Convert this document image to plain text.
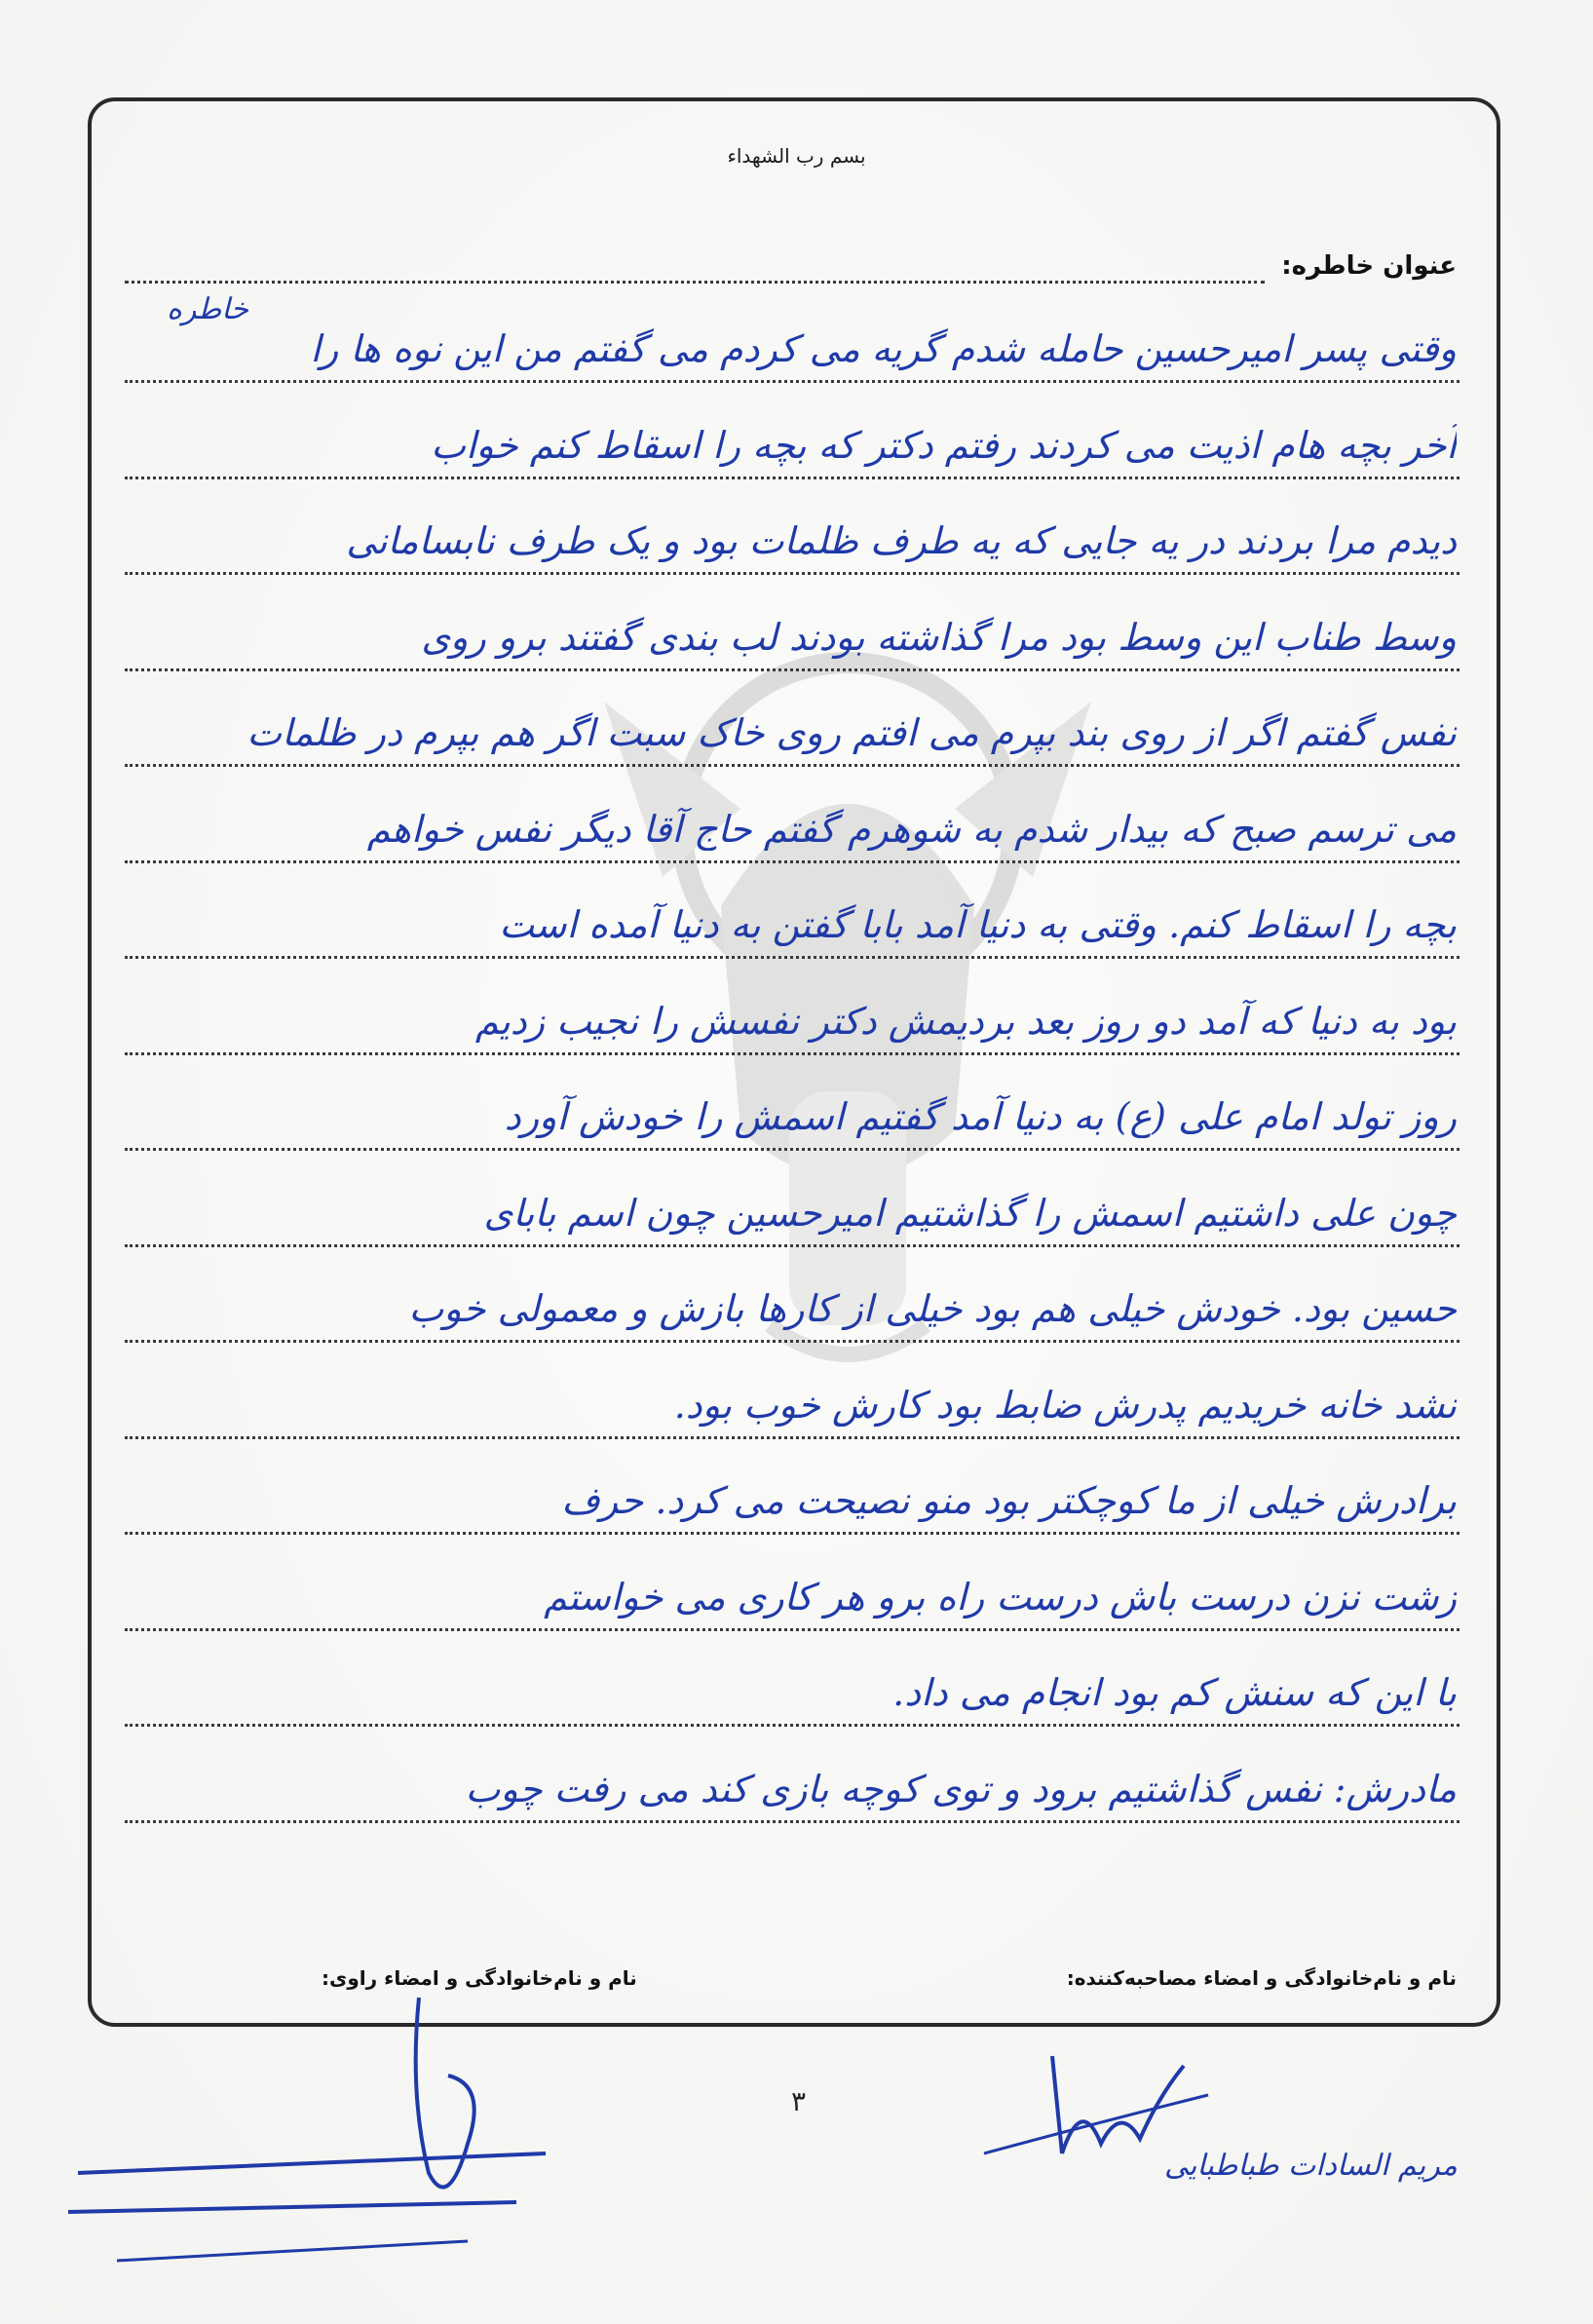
بسم رب الشهداء
عنوان خاطره:
خاطره
وقتی پسر امیرحسین حامله شدم گریه می کردم می گفتم من این نوه ها را
آخر بچه هام اذیت می کردند رفتم دکتر که بچه را اسقاط کنم خواب
دیدم مرا بردند در یه جایی که یه طرف ظلمات بود و یک طرف نابسامانی
وسط طناب این وسط بود مرا گذاشته بودند لب بندی گفتند برو روی
نفس گفتم اگر از روی بند بپرم می افتم روی خاک سبت اگر هم بپرم در ظلمات
می ترسم صبح که بیدار شدم به شوهرم گفتم حاج آقا دیگر نفس خواهم
بچه را اسقاط کنم. وقتی به دنیا آمد بابا گفتن به دنیا آمده است
بود به دنیا که آمد دو روز بعد بردیمش دکتر نفسش را نجیب زدیم
روز تولد امام علی (ع) به دنیا آمد گفتیم اسمش را خودش آورد
چون علی داشتیم اسمش را گذاشتیم امیرحسین چون اسم بابای
حسین بود. خودش خیلی هم بود خیلی از کارها بازش و معمولی خوب
نشد خانه خریدیم پدرش ضابط بود کارش خوب بود.
برادرش خیلی از ما کوچکتر بود منو نصیحت می کرد. حرف
زشت نزن درست باش درست راه برو هر کاری می خواستم
با این که سنش کم بود انجام می داد.
مادرش: نفس گذاشتیم برود و توی کوچه بازی کند می رفت چوب
نام و نام‌خانوادگی و امضاء مصاحبه‌کننده:
نام و نام‌خانوادگی و امضاء راوی:
۳
مریم السادات طباطبایی
